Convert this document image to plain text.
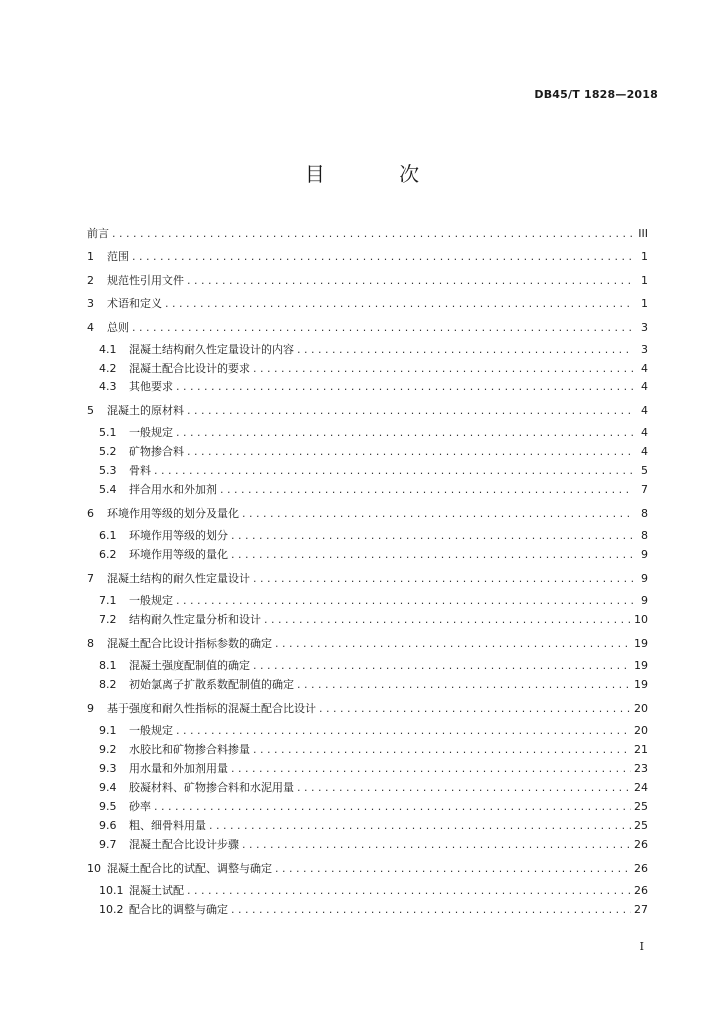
DB45/T 1828—2018
目 次
前言 . . .	III
1	范围 . . .	1
2	规范性引用文件 . . .	1
3	术语和定义 . . .	1
4	总则 . . .	3
4.1	混凝土结构耐久性定量设计的内容 . . .	3
4.2	混凝土配合比设计的要求 . . .	4
4.3	其他要求 . . .	4
5	混凝土的原材料 . . .	4
5.1	一般规定 . . .	4
5.2	矿物掺合料 . . .	4
5.3	骨料 . . .	5
5.4	拌合用水和外加剂 . . .	7
6	环境作用等级的划分及量化 . . .	8
6.1	环境作用等级的划分 . . .	8
6.2	环境作用等级的量化 . . .	9
7	混凝土结构的耐久性定量设计 . . .	9
7.1	一般规定 . . .	9
7.2	结构耐久性定量分析和设计 . . .	10
8	混凝土配合比设计指标参数的确定 . . .	19
8.1	混凝土强度配制值的确定 . . .	19
8.2	初始氯离子扩散系数配制值的确定 . . .	19
9	基于强度和耐久性指标的混凝土配合比设计 . . .	20
9.1	一般规定 . . .	20
9.2	水胶比和矿物掺合料掺量 . . .	21
9.3	用水量和外加剂用量 . . .	23
9.4	胶凝材料、矿物掺合料和水泥用量 . . .	24
9.5	砂率 . . .	25
9.6	粗、细骨料用量 . . .	25
9.7	混凝土配合比设计步骤 . . .	26
10 混凝土配合比的试配、调整与确定 . . .	26
10.1 混凝土试配 . . .	26
10.2 配合比的调整与确定 . . .	27
I
